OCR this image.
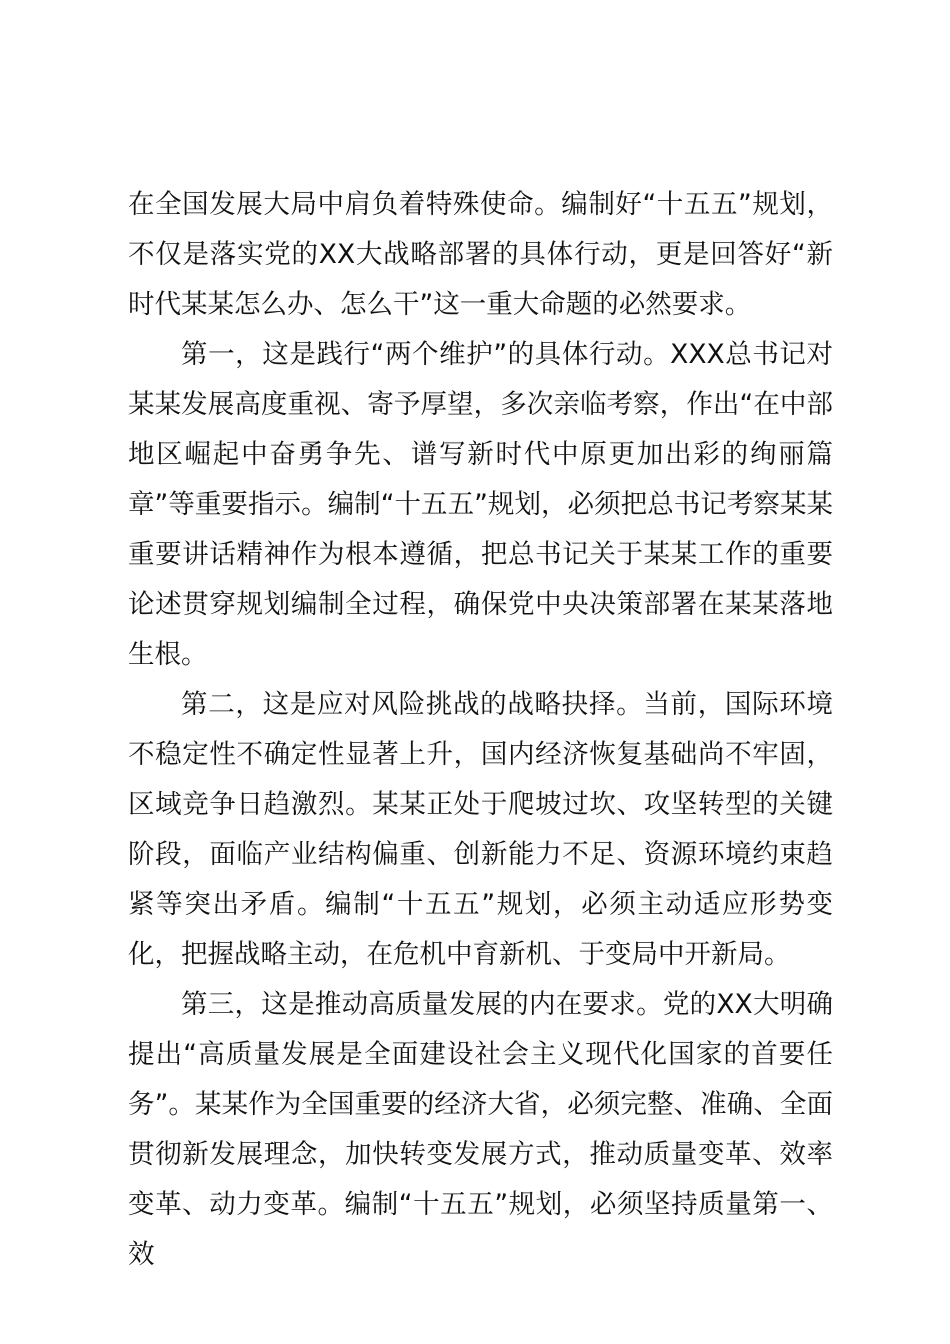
在全国发展大局中肩负着特殊使命。编制好“十五五”规划，不仅是落实党的XX大战略部署的具体行动，更是回答好“新时代某某怎么办、怎么干”这一重大命题的必然要求。

第一，这是践行“两个维护”的具体行动。XXX总书记对某某发展高度重视、寄予厚望，多次亲临考察，作出“在中部地区崛起中奋勇争先、谱写新时代中原更加出彩的绚丽篇章”等重要指示。编制“十五五”规划，必须把总书记考察某某重要讲话精神作为根本遵循，把总书记关于某某工作的重要论述贯穿规划编制全过程，确保党中央决策部署在某某落地生根。

第二，这是应对风险挑战的战略抉择。当前，国际环境不稳定性不确定性显著上升，国内经济恢复基础尚不牢固，区域竞争日趋激烈。某某正处于爬坡过坎、攻坚转型的关键阶段，面临产业结构偏重、创新能力不足、资源环境约束趋紧等突出矛盾。编制“十五五”规划，必须主动适应形势变化，把握战略主动，在危机中育新机、于变局中开新局。

第三，这是推动高质量发展的内在要求。党的XX大明确提出“高质量发展是全面建设社会主义现代化国家的首要任务”。某某作为全国重要的经济大省，必须完整、准确、全面贯彻新发展理念，加快转变发展方式，推动质量变革、效率变革、动力变革。编制“十五五”规划，必须坚持质量第一、效
